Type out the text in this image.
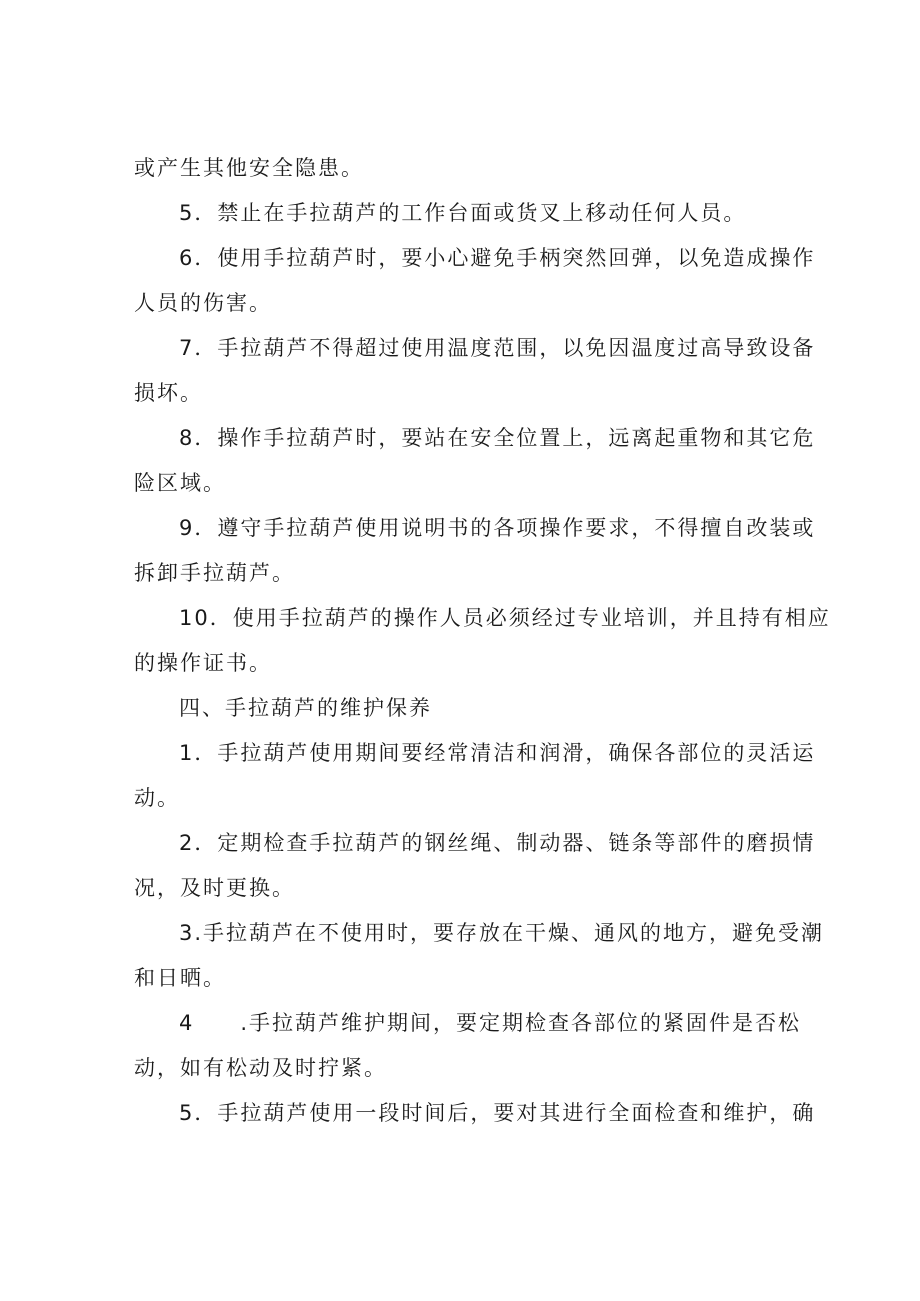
或产生其他安全隐患。
5．禁止在手拉葫芦的工作台面或货叉上移动任何人员。
6．使用手拉葫芦时，要小心避免手柄突然回弹，以免造成操作
人员的伤害。
7．手拉葫芦不得超过使用温度范围，以免因温度过高导致设备
损坏。
8．操作手拉葫芦时，要站在安全位置上，远离起重物和其它危
险区域。
9．遵守手拉葫芦使用说明书的各项操作要求，不得擅自改装或
拆卸手拉葫芦。
10．使用手拉葫芦的操作人员必须经过专业培训，并且持有相应
的操作证书。
四、手拉葫芦的维护保养
1．手拉葫芦使用期间要经常清洁和润滑，确保各部位的灵活运
动。
2．定期检查手拉葫芦的钢丝绳、制动器、链条等部件的磨损情
况，及时更换。
3.手拉葫芦在不使用时，要存放在干燥、通风的地方，避免受潮
和日晒。
4　　.手拉葫芦维护期间，要定期检查各部位的紧固件是否松
动，如有松动及时拧紧。
5．手拉葫芦使用一段时间后，要对其进行全面检查和维护，确
